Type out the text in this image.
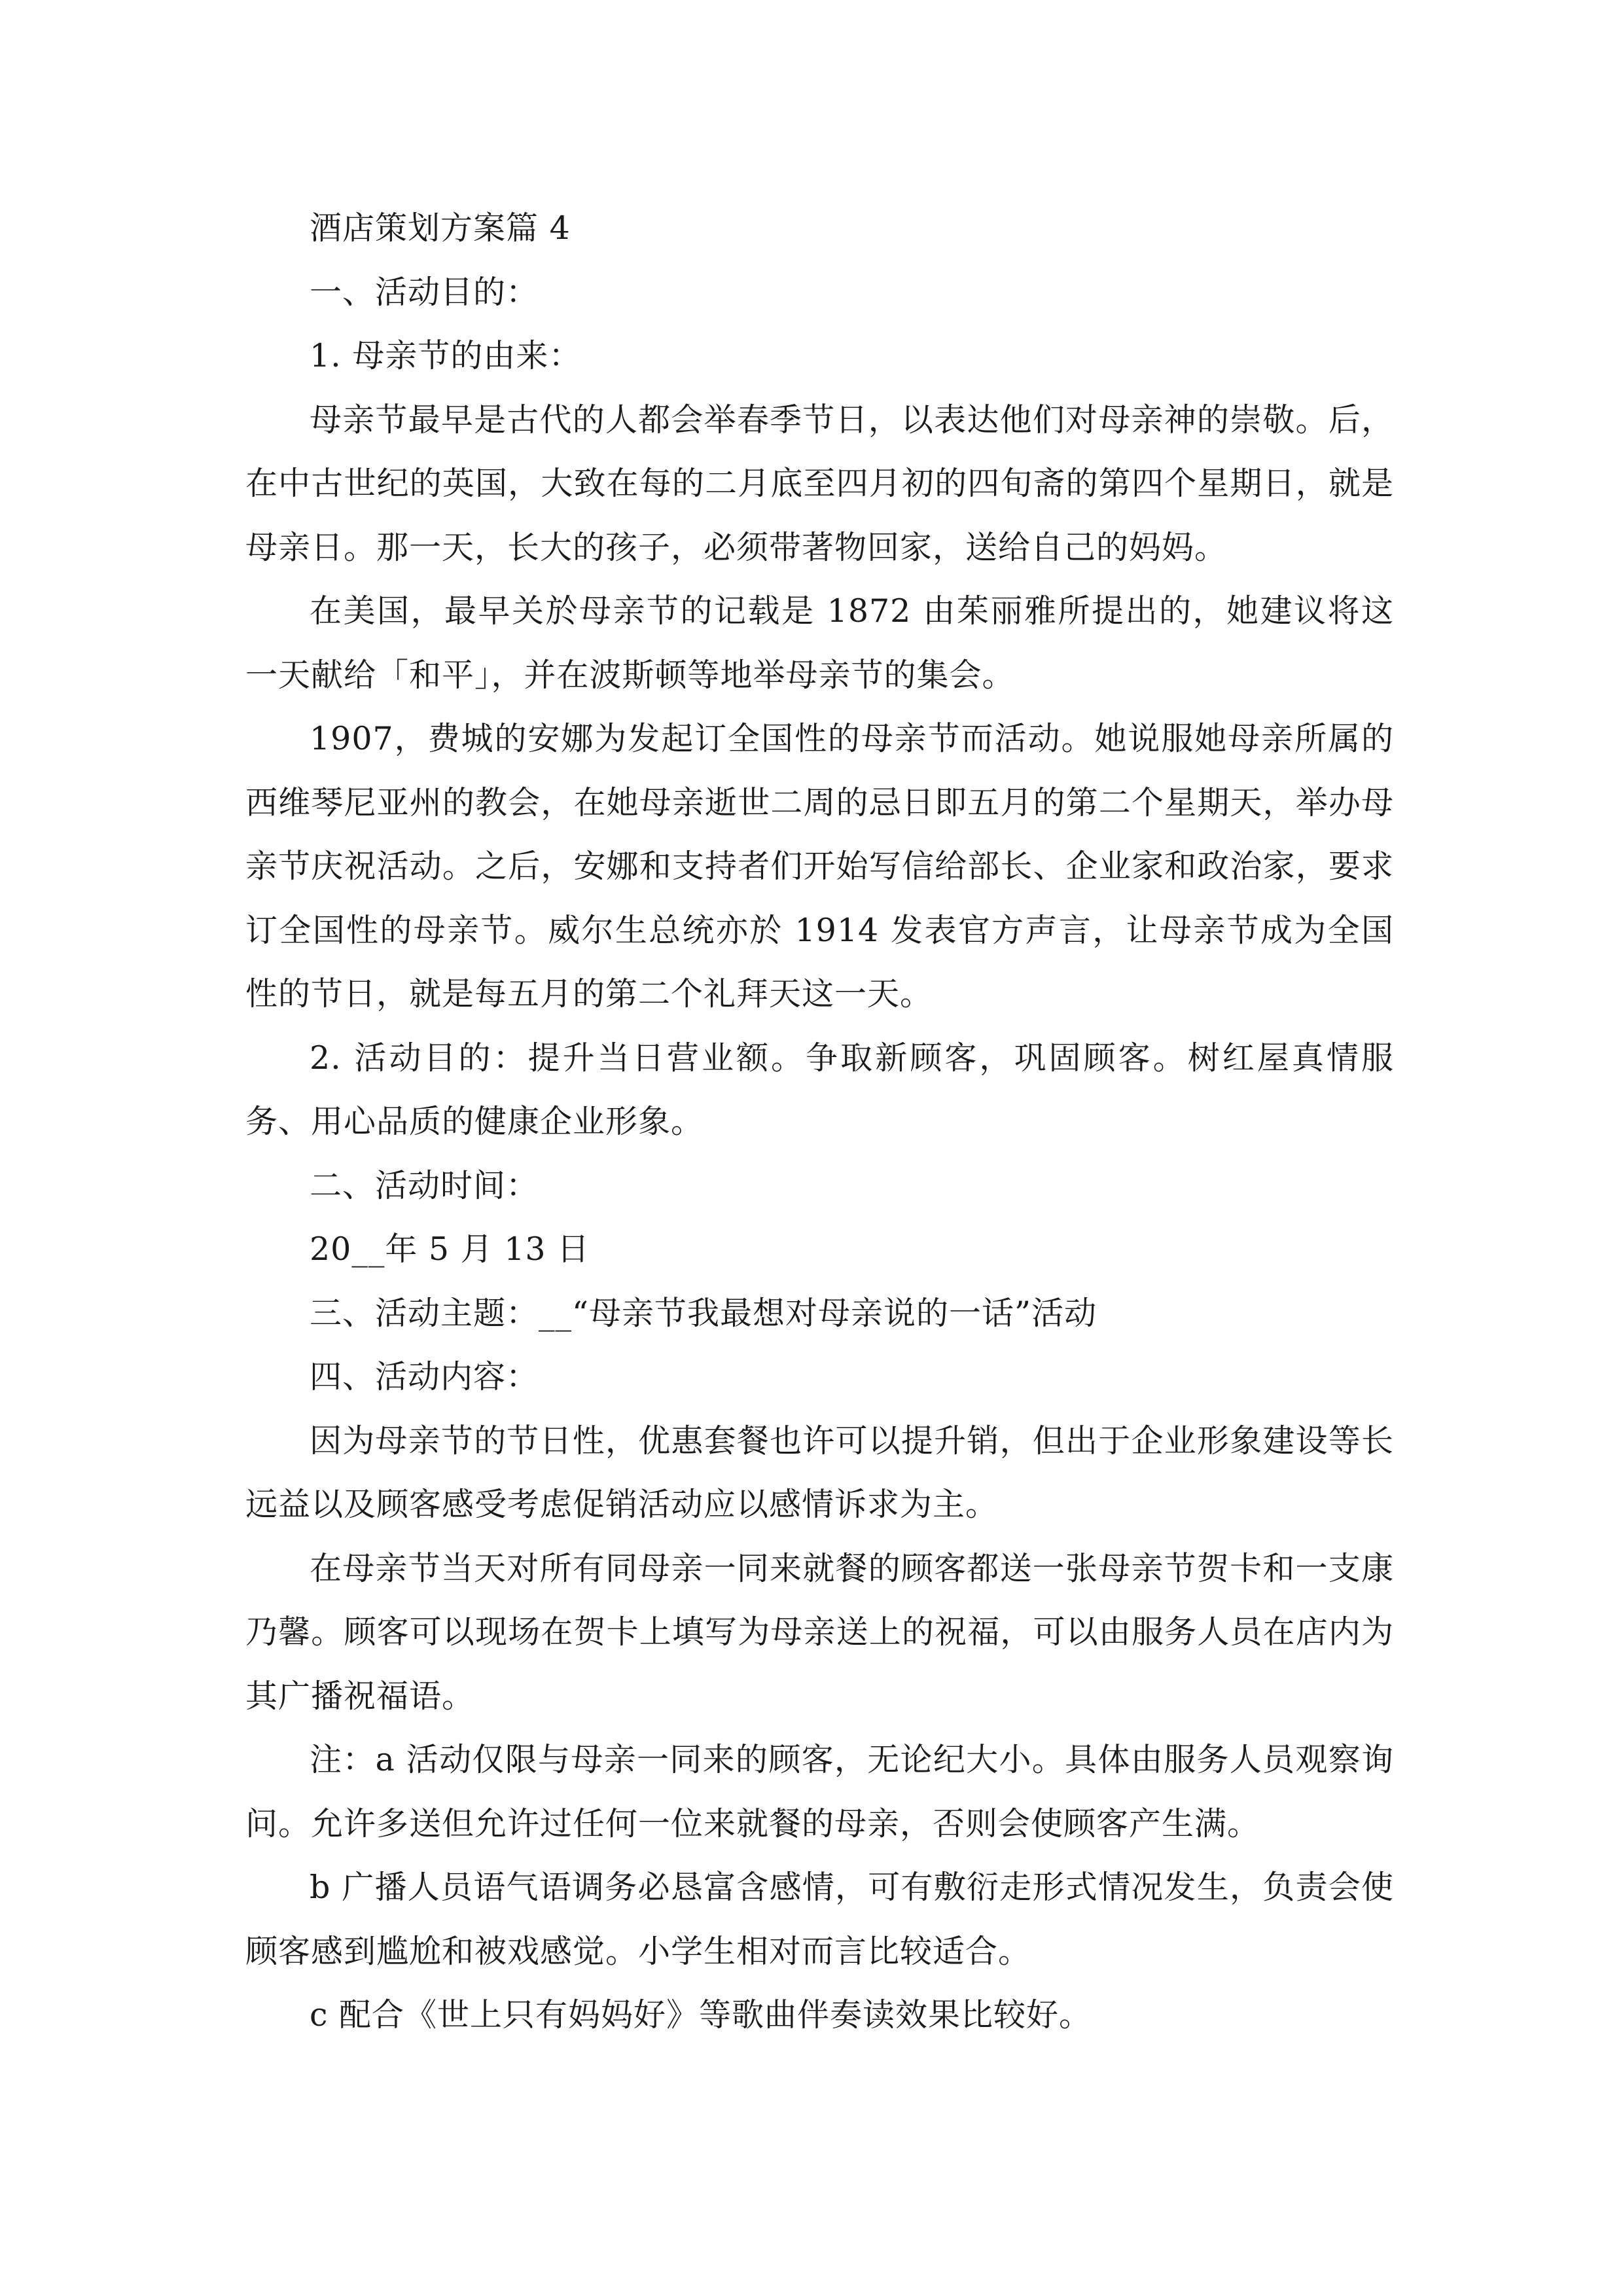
酒店策划方案篇 4

一、活动目的：

1. 母亲节的由来：

母亲节最早是古代的人都会举春季节日，以表达他们对母亲神的崇敬。后，在中古世纪的英国，大致在每的二月底至四月初的四旬斋的第四个星期日，就是母亲日。那一天，长大的孩子，必须带著物回家，送给自己的妈妈。

在美国，最早关於母亲节的记载是 1872 由茱丽雅所提出的，她建议将这一天献给「和平」，并在波斯顿等地举母亲节的集会。

1907，费城的安娜为发起订全国性的母亲节而活动。她说服她母亲所属的西维琴尼亚州的教会，在她母亲逝世二周的忌日即五月的第二个星期天，举办母亲节庆祝活动。之后，安娜和支持者们开始写信给部长、企业家和政治家，要求订全国性的母亲节。威尔生总统亦於 1914 发表官方声言，让母亲节成为全国性的节日，就是每五月的第二个礼拜天这一天。

2. 活动目的：提升当日营业额。争取新顾客，巩固顾客。树红屋真情服务、用心品质的健康企业形象。

二、活动时间：

20__年 5 月 13 日

三、活动主题：__“母亲节我最想对母亲说的一话”活动

四、活动内容：

因为母亲节的节日性，优惠套餐也许可以提升销，但出于企业形象建设等长远益以及顾客感受考虑促销活动应以感情诉求为主。

在母亲节当天对所有同母亲一同来就餐的顾客都送一张母亲节贺卡和一支康乃馨。顾客可以现场在贺卡上填写为母亲送上的祝福，可以由服务人员在店内为其广播祝福语。

注：a 活动仅限与母亲一同来的顾客，无论纪大小。具体由服务人员观察询问。允许多送但允许过任何一位来就餐的母亲，否则会使顾客产生满。

b 广播人员语气语调务必恳富含感情，可有敷衍走形式情况发生，负责会使顾客感到尴尬和被戏感觉。小学生相对而言比较适合。

c 配合《世上只有妈妈好》等歌曲伴奏读效果比较好。
